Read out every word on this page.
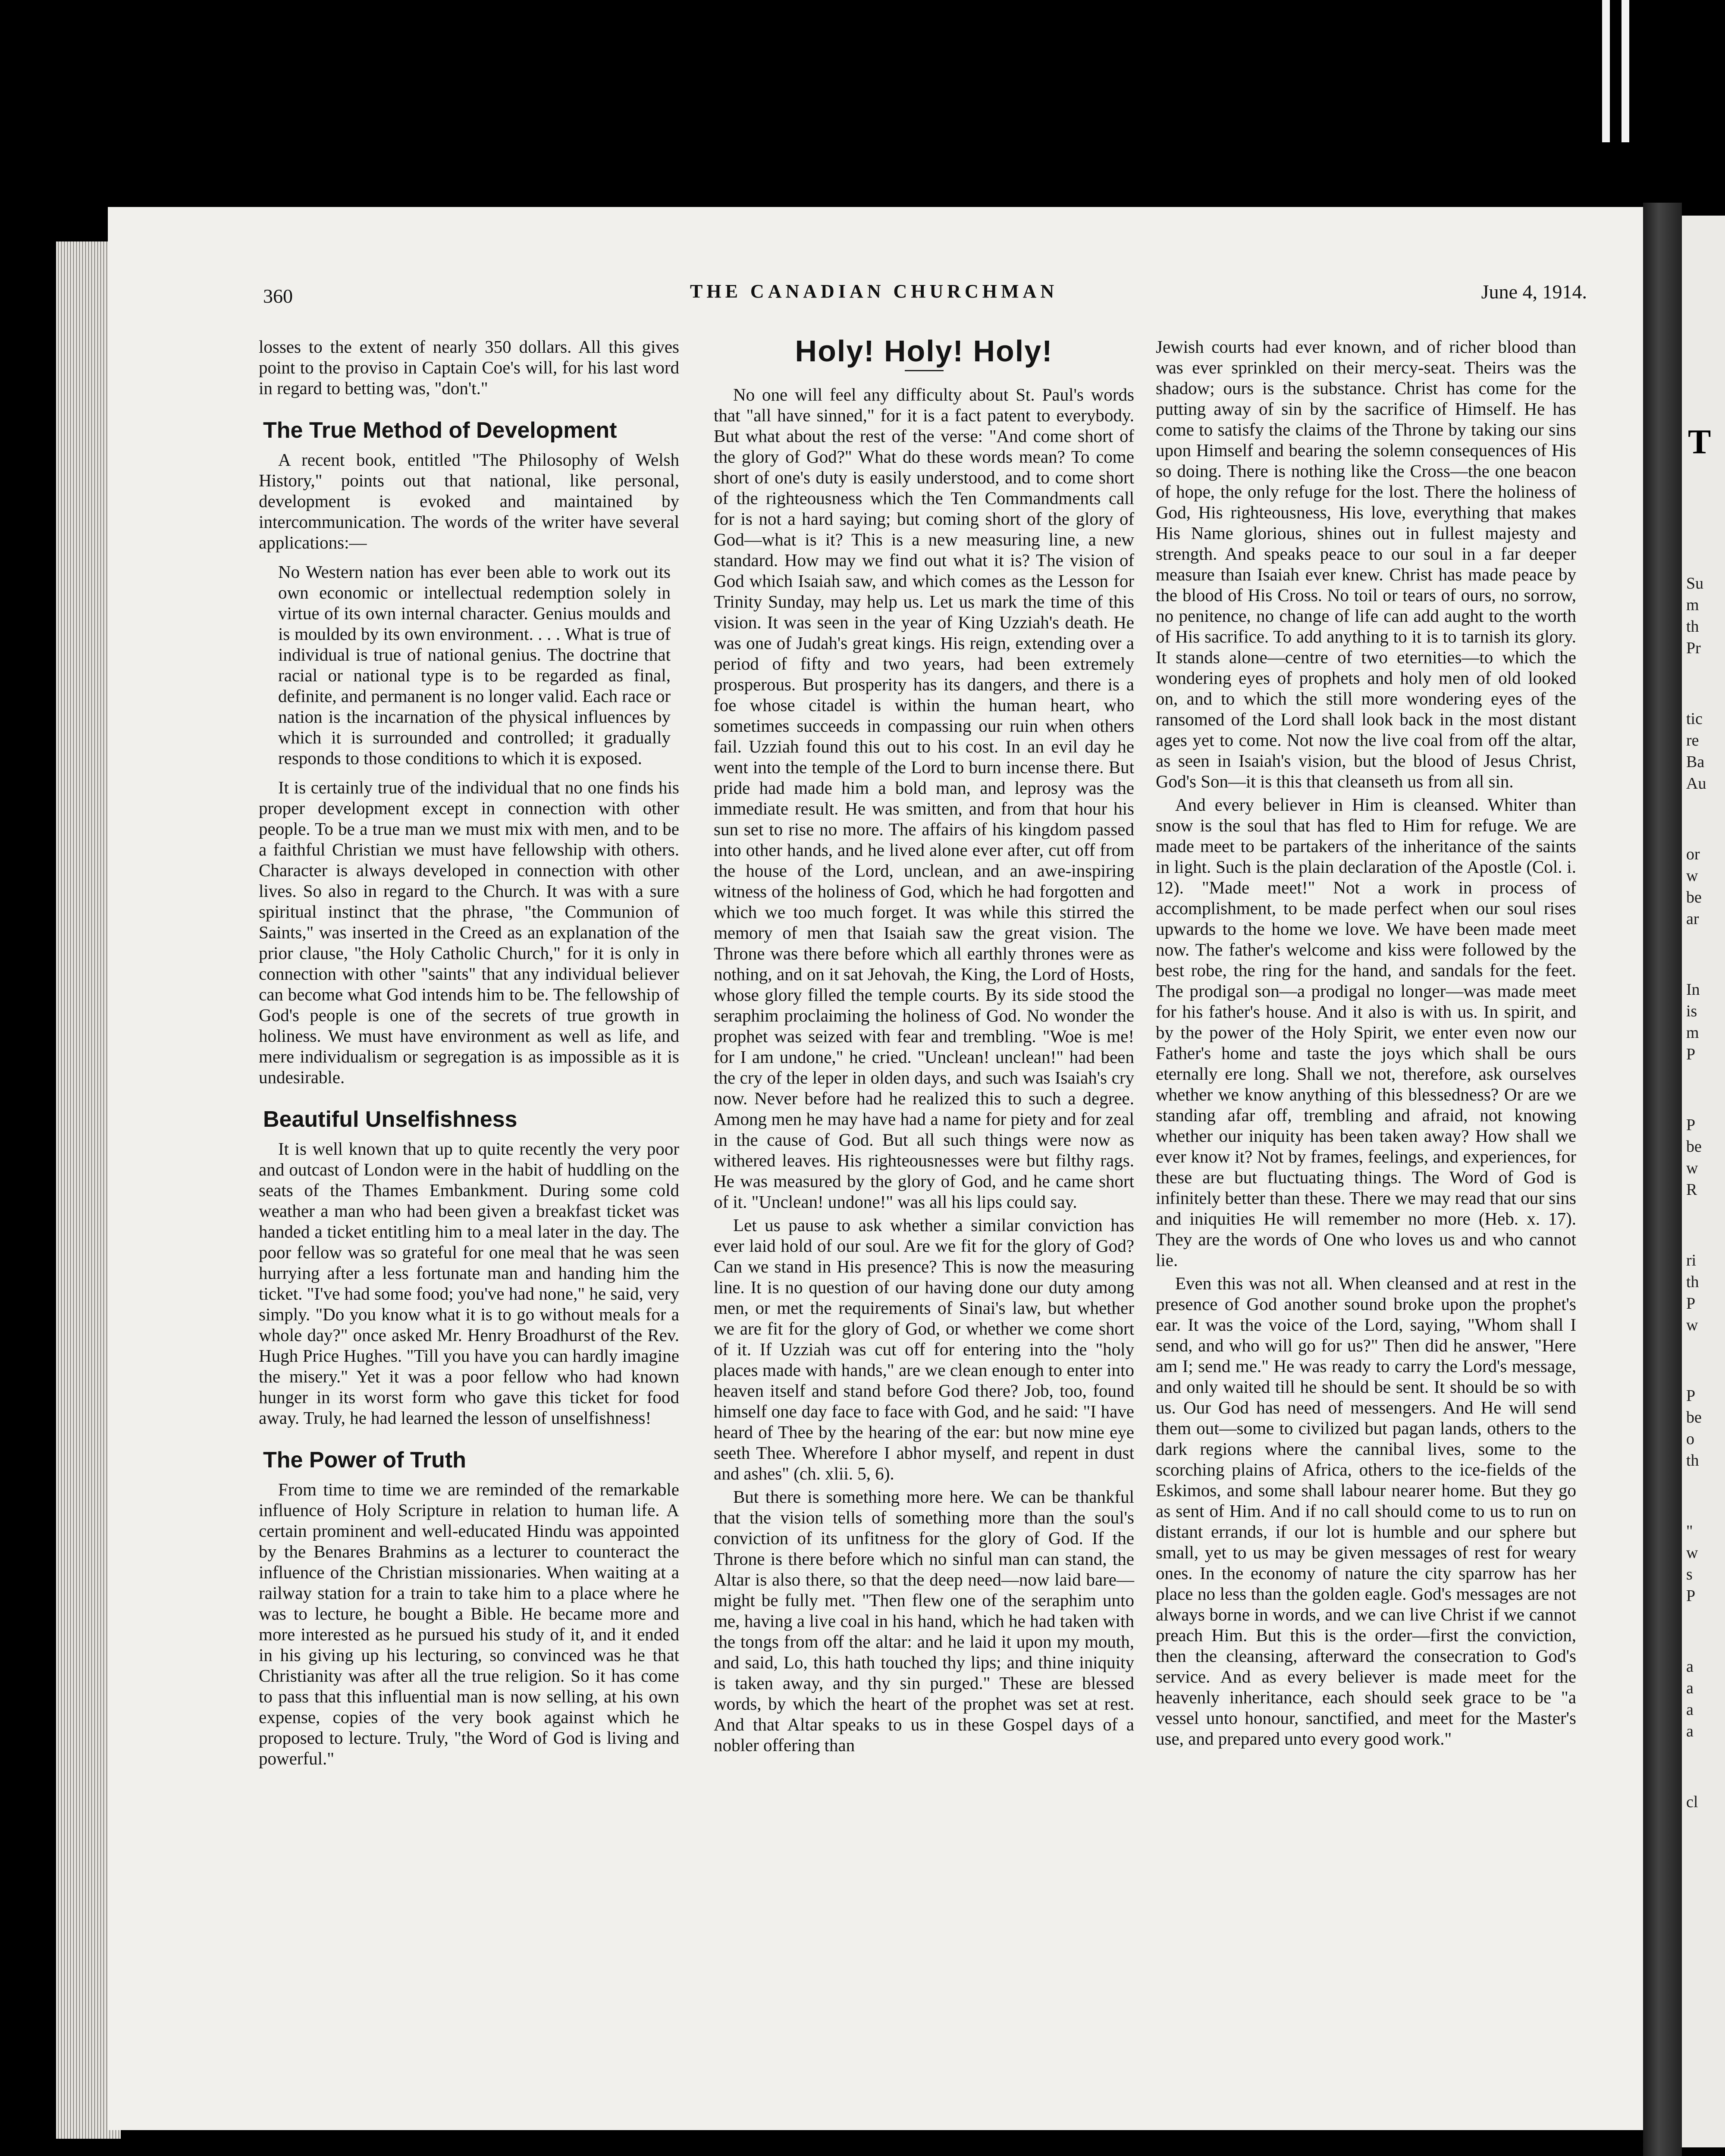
T
Su
m
th
Pr
tic
re
Ba
Au
or
w
be
ar
In
is
m
P
P
be
w
R
ri
th
P
w
P
be
o
th
"
w
s
P
a
a
a
a
cl
360	THE CANADIAN CHURCHMAN	June 4, 1914.

losses to the extent of nearly 350 dollars. All this gives point to the proviso in Captain Coe's will, for his last word in regard to betting was, "don't."

The True Method of Development

A recent book, entitled "The Philosophy of Welsh History," points out that national, like personal, development is evoked and maintained by intercommunication. The words of the writer have several applications:—

No Western nation has ever been able to work out its own economic or intellectual redemption solely in virtue of its own internal character. Genius moulds and is moulded by its own environment. . . . What is true of individual is true of national genius. The doctrine that racial or national type is to be regarded as final, definite, and permanent is no longer valid. Each race or nation is the incarnation of the physical influences by which it is surrounded and controlled; it gradually responds to those conditions to which it is exposed.

It is certainly true of the individual that no one finds his proper development except in connection with other people. To be a true man we must mix with men, and to be a faithful Christian we must have fellowship with others. Character is always developed in connection with other lives. So also in regard to the Church. It was with a sure spiritual instinct that the phrase, "the Communion of Saints," was inserted in the Creed as an explanation of the prior clause, "the Holy Catholic Church," for it is only in connection with other "saints" that any individual believer can become what God intends him to be. The fellowship of God's people is one of the secrets of true growth in holiness. We must have environment as well as life, and mere individualism or segregation is as impossible as it is undesirable.

Beautiful Unselfishness

It is well known that up to quite recently the very poor and outcast of London were in the habit of huddling on the seats of the Thames Embankment. During some cold weather a man who had been given a breakfast ticket was handed a ticket entitling him to a meal later in the day. The poor fellow was so grateful for one meal that he was seen hurrying after a less fortunate man and handing him the ticket. "I've had some food; you've had none," he said, very simply. "Do you know what it is to go without meals for a whole day?" once asked Mr. Henry Broadhurst of the Rev. Hugh Price Hughes. "Till you have you can hardly imagine the misery." Yet it was a poor fellow who had known hunger in its worst form who gave this ticket for food away. Truly, he had learned the lesson of unselfishness!

The Power of Truth

From time to time we are reminded of the remarkable influence of Holy Scripture in relation to human life. A certain prominent and well-educated Hindu was appointed by the Benares Brahmins as a lecturer to counteract the influence of the Christian missionaries. When waiting at a railway station for a train to take him to a place where he was to lecture, he bought a Bible. He became more and more interested as he pursued his study of it, and it ended in his giving up his lecturing, so convinced was he that Christianity was after all the true religion. So it has come to pass that this influential man is now selling, at his own expense, copies of the very book against which he proposed to lecture. Truly, "the Word of God is living and powerful."

Holy! Holy! Holy!

No one will feel any difficulty about St. Paul's words that "all have sinned," for it is a fact patent to everybody. But what about the rest of the verse: "And come short of the glory of God?" What do these words mean? To come short of one's duty is easily understood, and to come short of the righteousness which the Ten Commandments call for is not a hard saying; but coming short of the glory of God—what is it? This is a new measuring line, a new standard. How may we find out what it is? The vision of God which Isaiah saw, and which comes as the Lesson for Trinity Sunday, may help us. Let us mark the time of this vision. It was seen in the year of King Uzziah's death. He was one of Judah's great kings. His reign, extending over a period of fifty and two years, had been extremely prosperous. But prosperity has its dangers, and there is a foe whose citadel is within the human heart, who sometimes succeeds in compassing our ruin when others fail. Uzziah found this out to his cost. In an evil day he went into the temple of the Lord to burn incense there. But pride had made him a bold man, and leprosy was the immediate result. He was smitten, and from that hour his sun set to rise no more. The affairs of his kingdom passed into other hands, and he lived alone ever after, cut off from the house of the Lord, unclean, and an awe-inspiring witness of the holiness of God, which he had forgotten and which we too much forget. It was while this stirred the memory of men that Isaiah saw the great vision. The Throne was there before which all earthly thrones were as nothing, and on it sat Jehovah, the King, the Lord of Hosts, whose glory filled the temple courts. By its side stood the seraphim proclaiming the holiness of God. No wonder the prophet was seized with fear and trembling. "Woe is me! for I am undone," he cried. "Unclean! unclean!" had been the cry of the leper in olden days, and such was Isaiah's cry now. Never before had he realized this to such a degree. Among men he may have had a name for piety and for zeal in the cause of God. But all such things were now as withered leaves. His righteousnesses were but filthy rags. He was measured by the glory of God, and he came short of it. "Unclean! undone!" was all his lips could say.

Let us pause to ask whether a similar conviction has ever laid hold of our soul. Are we fit for the glory of God? Can we stand in His presence? This is now the measuring line. It is no question of our having done our duty among men, or met the requirements of Sinai's law, but whether we are fit for the glory of God, or whether we come short of it. If Uzziah was cut off for entering into the "holy places made with hands," are we clean enough to enter into heaven itself and stand before God there? Job, too, found himself one day face to face with God, and he said: "I have heard of Thee by the hearing of the ear: but now mine eye seeth Thee. Wherefore I abhor myself, and repent in dust and ashes" (ch. xlii. 5, 6).

But there is something more here. We can be thankful that the vision tells of something more than the soul's conviction of its unfitness for the glory of God. If the Throne is there before which no sinful man can stand, the Altar is also there, so that the deep need—now laid bare—might be fully met. "Then flew one of the seraphim unto me, having a live coal in his hand, which he had taken with the tongs from off the altar: and he laid it upon my mouth, and said, Lo, this hath touched thy lips; and thine iniquity is taken away, and thy sin purged." These are blessed words, by which the heart of the prophet was set at rest. And that Altar speaks to us in these Gospel days of a nobler offering than

Jewish courts had ever known, and of richer blood than was ever sprinkled on their mercy-seat. Theirs was the shadow; ours is the substance. Christ has come for the putting away of sin by the sacrifice of Himself. He has come to satisfy the claims of the Throne by taking our sins upon Himself and bearing the solemn consequences of His so doing. There is nothing like the Cross—the one beacon of hope, the only refuge for the lost. There the holiness of God, His righteousness, His love, everything that makes His Name glorious, shines out in fullest majesty and strength. And speaks peace to our soul in a far deeper measure than Isaiah ever knew. Christ has made peace by the blood of His Cross. No toil or tears of ours, no sorrow, no penitence, no change of life can add aught to the worth of His sacrifice. To add anything to it is to tarnish its glory. It stands alone—centre of two eternities—to which the wondering eyes of prophets and holy men of old looked on, and to which the still more wondering eyes of the ransomed of the Lord shall look back in the most distant ages yet to come. Not now the live coal from off the altar, as seen in Isaiah's vision, but the blood of Jesus Christ, God's Son—it is this that cleanseth us from all sin.

And every believer in Him is cleansed. Whiter than snow is the soul that has fled to Him for refuge. We are made meet to be partakers of the inheritance of the saints in light. Such is the plain declaration of the Apostle (Col. i. 12). "Made meet!" Not a work in process of accomplishment, to be made perfect when our soul rises upwards to the home we love. We have been made meet now. The father's welcome and kiss were followed by the best robe, the ring for the hand, and sandals for the feet. The prodigal son—a prodigal no longer—was made meet for his father's house. And it also is with us. In spirit, and by the power of the Holy Spirit, we enter even now our Father's home and taste the joys which shall be ours eternally ere long. Shall we not, therefore, ask ourselves whether we know anything of this blessedness? Or are we standing afar off, trembling and afraid, not knowing whether our iniquity has been taken away? How shall we ever know it? Not by frames, feelings, and experiences, for these are but fluctuating things. The Word of God is infinitely better than these. There we may read that our sins and iniquities He will remember no more (Heb. x. 17). They are the words of One who loves us and who cannot lie.

Even this was not all. When cleansed and at rest in the presence of God another sound broke upon the prophet's ear. It was the voice of the Lord, saying, "Whom shall I send, and who will go for us?" Then did he answer, "Here am I; send me." He was ready to carry the Lord's message, and only waited till he should be sent. It should be so with us. Our God has need of messengers. And He will send them out—some to civilized but pagan lands, others to the dark regions where the cannibal lives, some to the scorching plains of Africa, others to the ice-fields of the Eskimos, and some shall labour nearer home. But they go as sent of Him. And if no call should come to us to run on distant errands, if our lot is humble and our sphere but small, yet to us may be given messages of rest for weary ones. In the economy of nature the city sparrow has her place no less than the golden eagle. God's messages are not always borne in words, and we can live Christ if we cannot preach Him. But this is the order—first the conviction, then the cleansing, afterward the consecration to God's service. And as every believer is made meet for the heavenly inheritance, each should seek grace to be "a vessel unto honour, sanctified, and meet for the Master's use, and prepared unto every good work."
